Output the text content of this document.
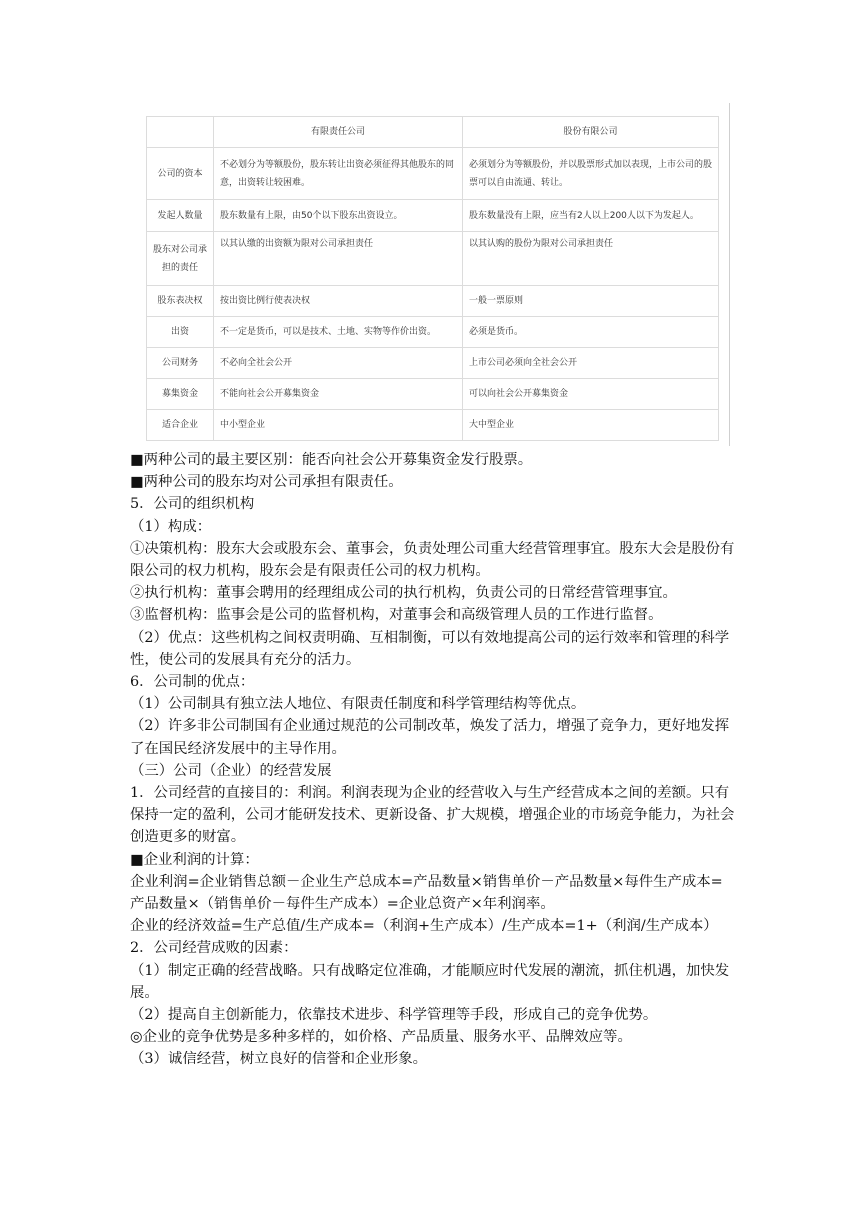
	有限责任公司	股份有限公司
公司的资本	不必划分为等额股份，股东转让出资必须征得其他股东的同意，出资转让较困难。	必须划分为等额股份，并以股票形式加以表现，上市公司的股票可以自由流通、转让。
发起人数量	股东数量有上限，由50个以下股东出资设立。	股东数量没有上限，应当有2人以上200人以下为发起人。
股东对公司承担的责任	以其认缴的出资额为限对公司承担责任	以其认购的股份为限对公司承担责任
股东表决权	按出资比例行使表决权	一般一票原则
出资	不一定是货币，可以是技术、土地、实物等作价出资。	必须是货币。
公司财务	不必向全社会公开	上市公司必须向全社会公开
募集资金	不能向社会公开募集资金	可以向社会公开募集资金
适合企业	中小型企业	大中型企业

■两种公司的最主要区别：能否向社会公开募集资金发行股票。

■两种公司的股东均对公司承担有限责任。

5．公司的组织机构

（1）构成：

①决策机构：股东大会或股东会、董事会，负责处理公司重大经营管理事宜。股东大会是股份有限公司的权力机构，股东会是有限责任公司的权力机构。

②执行机构：董事会聘用的经理组成公司的执行机构，负责公司的日常经营管理事宜。

③监督机构：监事会是公司的监督机构，对董事会和高级管理人员的工作进行监督。

（2）优点：这些机构之间权责明确、互相制衡，可以有效地提高公司的运行效率和管理的科学性，使公司的发展具有充分的活力。

6．公司制的优点：

（1）公司制具有独立法人地位、有限责任制度和科学管理结构等优点。

（2）许多非公司制国有企业通过规范的公司制改革，焕发了活力，增强了竞争力，更好地发挥了在国民经济发展中的主导作用。

（三）公司（企业）的经营发展

1．公司经营的直接目的：利润。利润表现为企业的经营收入与生产经营成本之间的差额。只有保持一定的盈利，公司才能研发技术、更新设备、扩大规模，增强企业的市场竞争能力，为社会创造更多的财富。

■企业利润的计算：

企业利润=企业销售总额－企业生产总成本=产品数量×销售单价－产品数量×每件生产成本=产品数量×（销售单价－每件生产成本）=企业总资产×年利润率。

企业的经济效益=生产总值/生产成本=（利润+生产成本）/生产成本=1+（利润/生产成本）

2．公司经营成败的因素：

（1）制定正确的经营战略。只有战略定位准确，才能顺应时代发展的潮流，抓住机遇，加快发展。

（2）提高自主创新能力，依靠技术进步、科学管理等手段，形成自己的竞争优势。

◎企业的竞争优势是多种多样的，如价格、产品质量、服务水平、品牌效应等。

（3）诚信经营，树立良好的信誉和企业形象。
